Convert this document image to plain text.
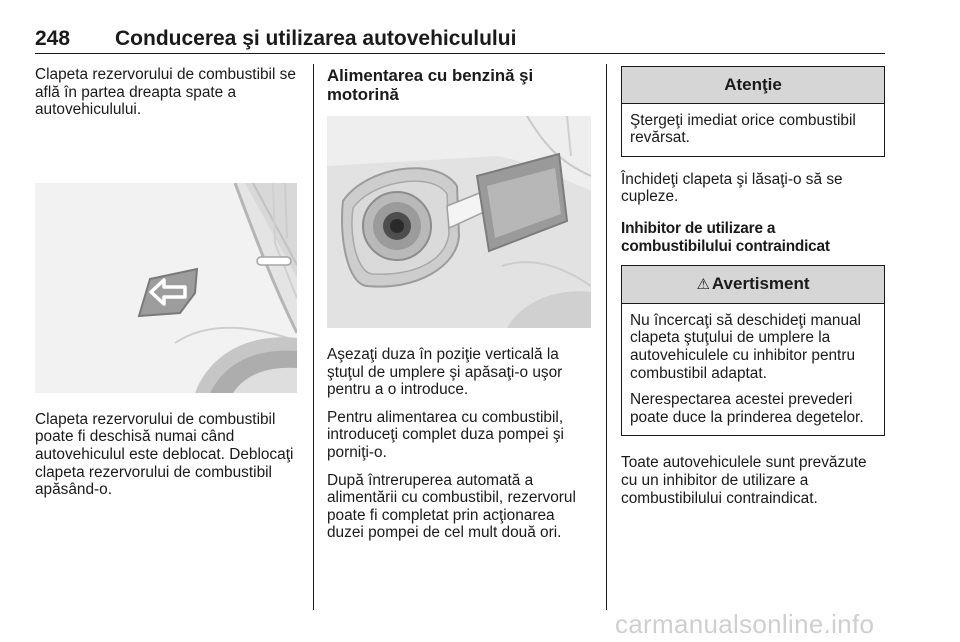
248 Conducerea şi utilizarea autovehiculului

Clapeta rezervorului de combustibil se află în partea dreapta spate a autovehiculului.

Clapeta rezervorului de combustibil poate fi deschisă numai când autovehiculul este deblocat. Deblocaţi clapeta rezervorului de combustibil apăsând-o.

Alimentarea cu benzină şi motorină

Aşezaţi duza în poziţie verticală la ştuţul de umplere şi apăsaţi-o uşor pentru a o introduce.

Pentru alimentarea cu combustibil, introduceţi complet duza pompei şi porniţi-o.

După întreruperea automată a alimentării cu combustibil, rezervorul poate fi completat prin acţionarea duzei pompei de cel mult două ori.

Atenţie

Ştergeţi imediat orice combustibil revărsat.

Închideţi clapeta şi lăsaţi-o să se cupleze.

Inhibitor de utilizare a combustibilului contraindicat
⚠ Avertisment

Nu încercaţi să deschideţi manual clapeta ştuţului de umplere la autovehiculele cu inhibitor pentru combustibil adaptat.

Nerespectarea acestei prevederi poate duce la prinderea degetelor.

Toate autovehiculele sunt prevăzute cu un inhibitor de utilizare a combustibilului contraindicat.

carmanualsonline.info
